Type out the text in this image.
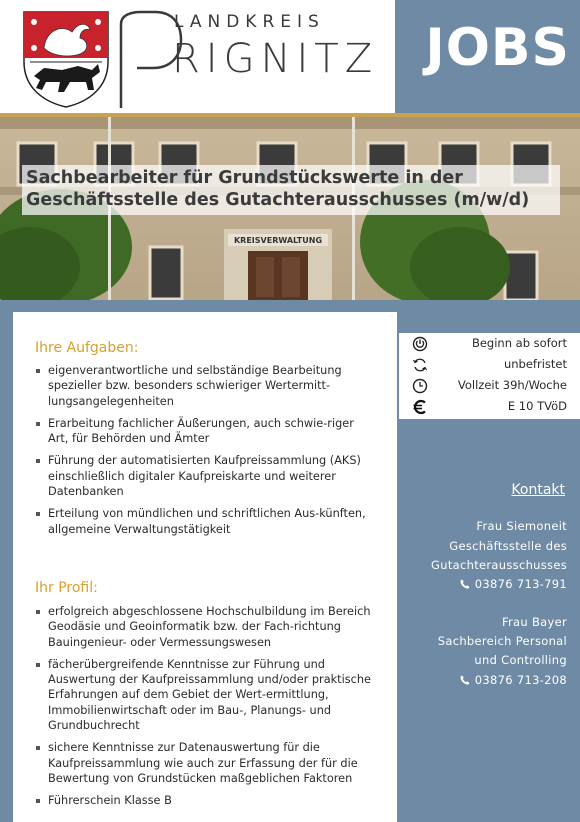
LANDKREIS
RIGNITZ JOBS
KREISVERWALTUNG
Sachbearbeiter für Grundstückswerte in der
Geschäftsstelle des Gutachterausschusses (m/w/d)
Ihre Aufgaben:
eigenverantwortliche und selbständige Bearbeitung spezieller bzw. besonders schwieriger Wertermitt-lungsangelegenheiten
Erarbeitung fachlicher Äußerungen, auch schwie-riger Art, für Behörden und Ämter
Führung der automatisierten Kaufpreissammlung (AKS) einschließlich digitaler Kaufpreiskarte und weiterer Datenbanken
Erteilung von mündlichen und schriftlichen Aus-künften, allgemeine Verwaltungstätigkeit
Ihr Profil:
erfolgreich abgeschlossene Hochschulbildung im Bereich Geodäsie und Geoinformatik bzw. der Fach-richtung Bauingenieur- oder Vermessungswesen
fächerübergreifende Kenntnisse zur Führung und Auswertung der Kaufpreissammlung und/oder praktische Erfahrungen auf dem Gebiet der Wert-ermittlung, Immobilienwirtschaft oder im Bau-, Planungs- und Grundbuchrecht
sichere Kenntnisse zur Datenauswertung für die Kaufpreissammlung wie auch zur Erfassung der für die Bewertung von Grundstücken maßgeblichen Faktoren
Führerschein Klasse B
Beginn ab sofort
unbefristet
Vollzeit 39h/Woche
E 10 TVöD
Kontakt
Frau Siemoneit
Geschäftsstelle des
Gutachterausschusses
03876 713-791
Frau Bayer
Sachbereich Personal
und Controlling
03876 713-208
